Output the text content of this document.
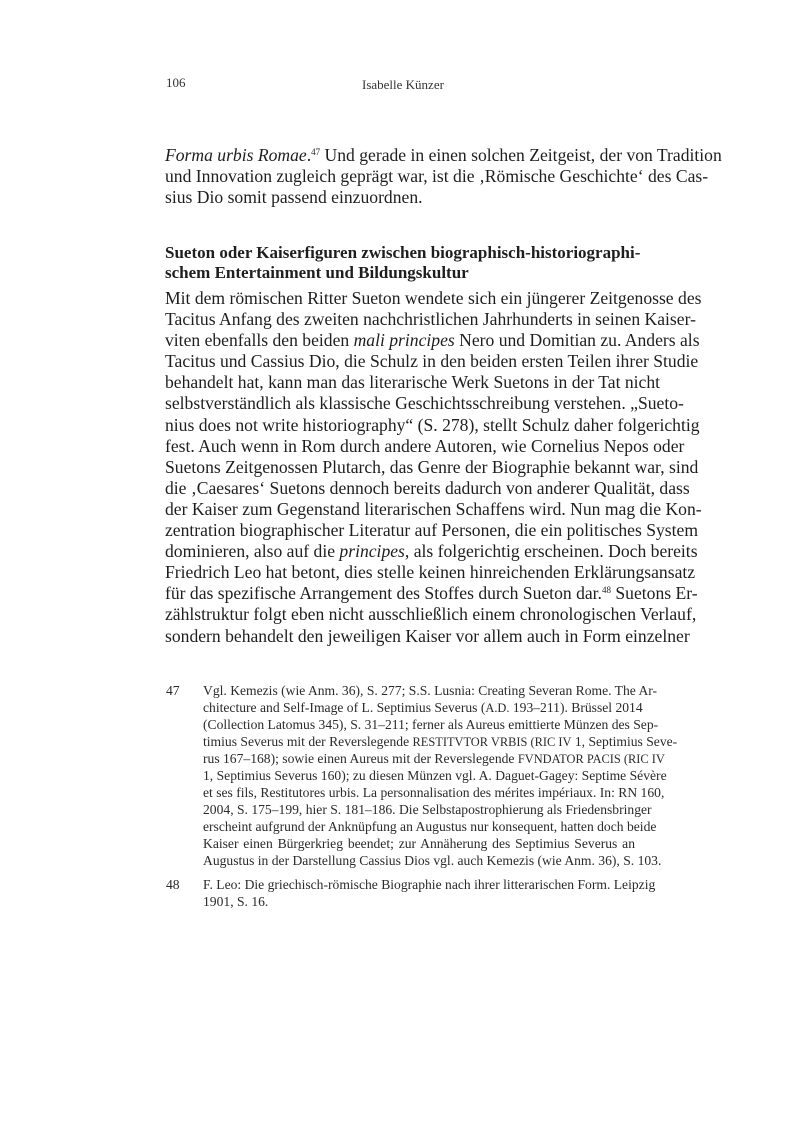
106	Isabelle Künzer
Forma urbis Romae.$^{47}$ Und gerade in einen solchen Zeitgeist, der von Tradition
und Innovation zugleich geprägt war, ist die ‚Römische Geschichte‘ des Cas-
sius Dio somit passend einzuordnen.
Sueton oder Kaiserfiguren zwischen biographisch-historiographi-
schem Entertainment und Bildungskultur
Mit dem römischen Ritter Sueton wendete sich ein jüngerer Zeitgenosse des
Tacitus Anfang des zweiten nachchristlichen Jahrhunderts in seinen Kaiser-
viten ebenfalls den beiden mali principes Nero und Domitian zu. Anders als
Tacitus und Cassius Dio, die Schulz in den beiden ersten Teilen ihrer Studie
behandelt hat, kann man das literarische Werk Suetons in der Tat nicht
selbstverständlich als klassische Geschichtsschreibung verstehen. „Sueto-
nius does not write historiography“ (S. 278), stellt Schulz daher folgerichtig
fest. Auch wenn in Rom durch andere Autoren, wie Cornelius Nepos oder
Suetons Zeitgenossen Plutarch, das Genre der Biographie bekannt war, sind
die ‚Caesares‘ Suetons dennoch bereits dadurch von anderer Qualität, dass
der Kaiser zum Gegenstand literarischen Schaffens wird. Nun mag die Kon-
zentration biographischer Literatur auf Personen, die ein politisches System
dominieren, also auf die principes, als folgerichtig erscheinen. Doch bereits
Friedrich Leo hat betont, dies stelle keinen hinreichenden Erklärungsansatz
für das spezifische Arrangement des Stoffes durch Sueton dar.$^{48}$ Suetons Er-
zählstruktur folgt eben nicht ausschließlich einem chronologischen Verlauf,
sondern behandelt den jeweiligen Kaiser vor allem auch in Form einzelner
47 Vgl. Kemezis (wie Anm. 36), S. 277; S.S. Lusnia: Creating Severan Rome. The Ar-
chitecture and Self-Image of L. Septimius Severus (A.D. 193–211). Brüssel 2014
(Collection Latomus 345), S. 31–211; ferner als Aureus emittierte Münzen des Sep-
timius Severus mit der Reverslegende RESTITVTOR VRBIS (RIC IV 1, Septimius Seve-
rus 167–168); sowie einen Aureus mit der Reverslegende FVNDATOR PACIS (RIC IV
1, Septimius Severus 160); zu diesen Münzen vgl. A. Daguet-Gagey: Septime Sévère
et ses fils, Restitutores urbis. La personnalisation des mérites impériaux. In: RN 160,
2004, S. 175–199, hier S. 181–186. Die Selbstapostrophierung als Friedensbringer
erscheint aufgrund der Anknüpfung an Augustus nur konsequent, hatten doch beide
Kaiser einen Bürgerkrieg beendet; zur Annäherung des Septimius Severus an
Augustus in der Darstellung Cassius Dios vgl. auch Kemezis (wie Anm. 36), S. 103.
48 F. Leo: Die griechisch-römische Biographie nach ihrer litterarischen Form. Leipzig
1901, S. 16.
